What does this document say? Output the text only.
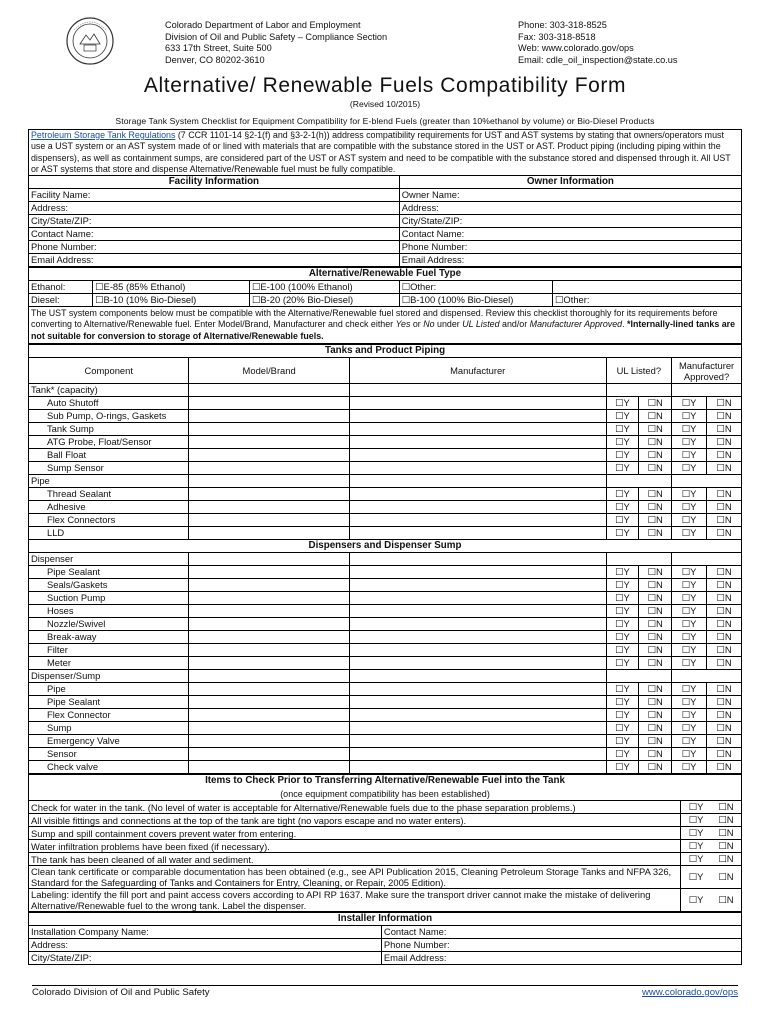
Colorado Department of Labor and Employment
Division of Oil and Public Safety – Compliance Section
633 17th Street, Suite 500
Denver, CO 80202-3610
Phone: 303-318-8525
Fax: 303-318-8518
Web: www.colorado.gov/ops
Email: cdle_oil_inspection@state.co.us
Alternative/ Renewable Fuels Compatibility Form
(Revised 10/2015)
Storage Tank System Checklist for Equipment Compatibility for E-blend Fuels (greater than 10%ethanol by volume) or Bio-Diesel Products
Petroleum Storage Tank Regulations (7 CCR 1101-14 §2-1(f) and §3-2-1(h)) address compatibility requirements for UST and AST systems by stating that owners/operators must use a UST system or an AST system made of or lined with materials that are compatible with the substance stored in the UST or AST. Product piping (including piping within the dispensers), as well as containment sumps, are considered part of the UST or AST system and need to be compatible with the substance stored and dispensed through it. All UST or AST systems that store and dispense Alternative/Renewable fuel must be fully compatible.
Facility Information	Owner Information
Facility Name:	Owner Name:
Address:	Address:
City/State/ZIP:	City/State/ZIP:
Contact Name:	Contact Name:
Phone Number:	Phone Number:
Email Address:	Email Address:
Alternative/Renewable Fuel Type				
Ethanol:	☐E-85 (85% Ethanol)	☐E-100 (100% Ethanol)	☐Other:	
Diesel:	☐B-10 (10% Bio-Diesel)	☐B-20 (20% Bio-Diesel)	☐B-100 (100% Bio-Diesel)	☐Other:
The UST system components below must be compatible with the Alternative/Renewable fuel stored and dispensed. Review this checklist thoroughly for its requirements before converting to Alternative/Renewable fuel. Enter Model/Brand, Manufacturer and check either Yes or No under UL Listed and/or Manufacturer Approved. *Internally-lined tanks are not suitable for conversion to storage of Alternative/Renewable fuels.				
Tanks and Product Piping						
Component	Model/Brand	Manufacturer	UL Listed?		Manufacturer
Approved?	
Tank* (capacity)						
Auto Shutoff			☐Y	☐N	☐Y	☐N
Sub Pump, O-rings, Gaskets			☐Y	☐N	☐Y	☐N
Tank Sump			☐Y	☐N	☐Y	☐N
ATG Probe, Float/Sensor			☐Y	☐N	☐Y	☐N
Ball Float			☐Y	☐N	☐Y	☐N
Sump Sensor			☐Y	☐N	☐Y	☐N
Pipe						
Thread Sealant			☐Y	☐N	☐Y	☐N
Adhesive			☐Y	☐N	☐Y	☐N
Flex Connectors			☐Y	☐N	☐Y	☐N
LLD			☐Y	☐N	☐Y	☐N
Dispensers and Dispenser Sump						
Dispenser						
Pipe Sealant			☐Y	☐N	☐Y	☐N
Seals/Gaskets			☐Y	☐N	☐Y	☐N
Suction Pump			☐Y	☐N	☐Y	☐N
Hoses			☐Y	☐N	☐Y	☐N
Nozzle/Swivel			☐Y	☐N	☐Y	☐N
Break-away			☐Y	☐N	☐Y	☐N
Filter			☐Y	☐N	☐Y	☐N
Meter			☐Y	☐N	☐Y	☐N
Dispenser/Sump						
Pipe			☐Y	☐N	☐Y	☐N
Pipe Sealant			☐Y	☐N	☐Y	☐N
Flex Connector			☐Y	☐N	☐Y	☐N
Sump			☐Y	☐N	☐Y	☐N
Emergency Valve			☐Y	☐N	☐Y	☐N
Sensor			☐Y	☐N	☐Y	☐N
Check valve			☐Y	☐N	☐Y	☐N
Items to Check Prior to Transferring Alternative/Renewable Fuel into the Tank		
(once equipment compatibility has been established)		
Check for water in the tank. (No level of water is acceptable for Alternative/Renewable fuels due to the phase separation problems.)	☐Y	☐N
All visible fittings and connections at the top of the tank are tight (no vapors escape and no water enters).	☐Y	☐N
Sump and spill containment covers prevent water from entering.	☐Y	☐N
Water infiltration problems have been fixed (if necessary).	☐Y	☐N
The tank has been cleaned of all water and sediment.	☐Y	☐N
Clean tank certificate or comparable documentation has been obtained (e.g., see API Publication 2015, Cleaning Petroleum Storage Tanks and NFPA 326, Standard for the Safeguarding of Tanks and Containers for Entry, Cleaning, or Repair, 2005 Edition).	☐Y	☐N
Labeling: identify the fill port and paint access covers according to API RP 1637. Make sure the transport driver cannot make the mistake of delivering Alternative/Renewable fuel to the wrong tank. Label the dispenser.	☐Y	☐N
Installer Information	
Installation Company Name:	Contact Name:
Address:	Phone Number:
City/State/ZIP:	Email Address:
Colorado Division of Oil and Public Safety	www.colorado.gov/ops
